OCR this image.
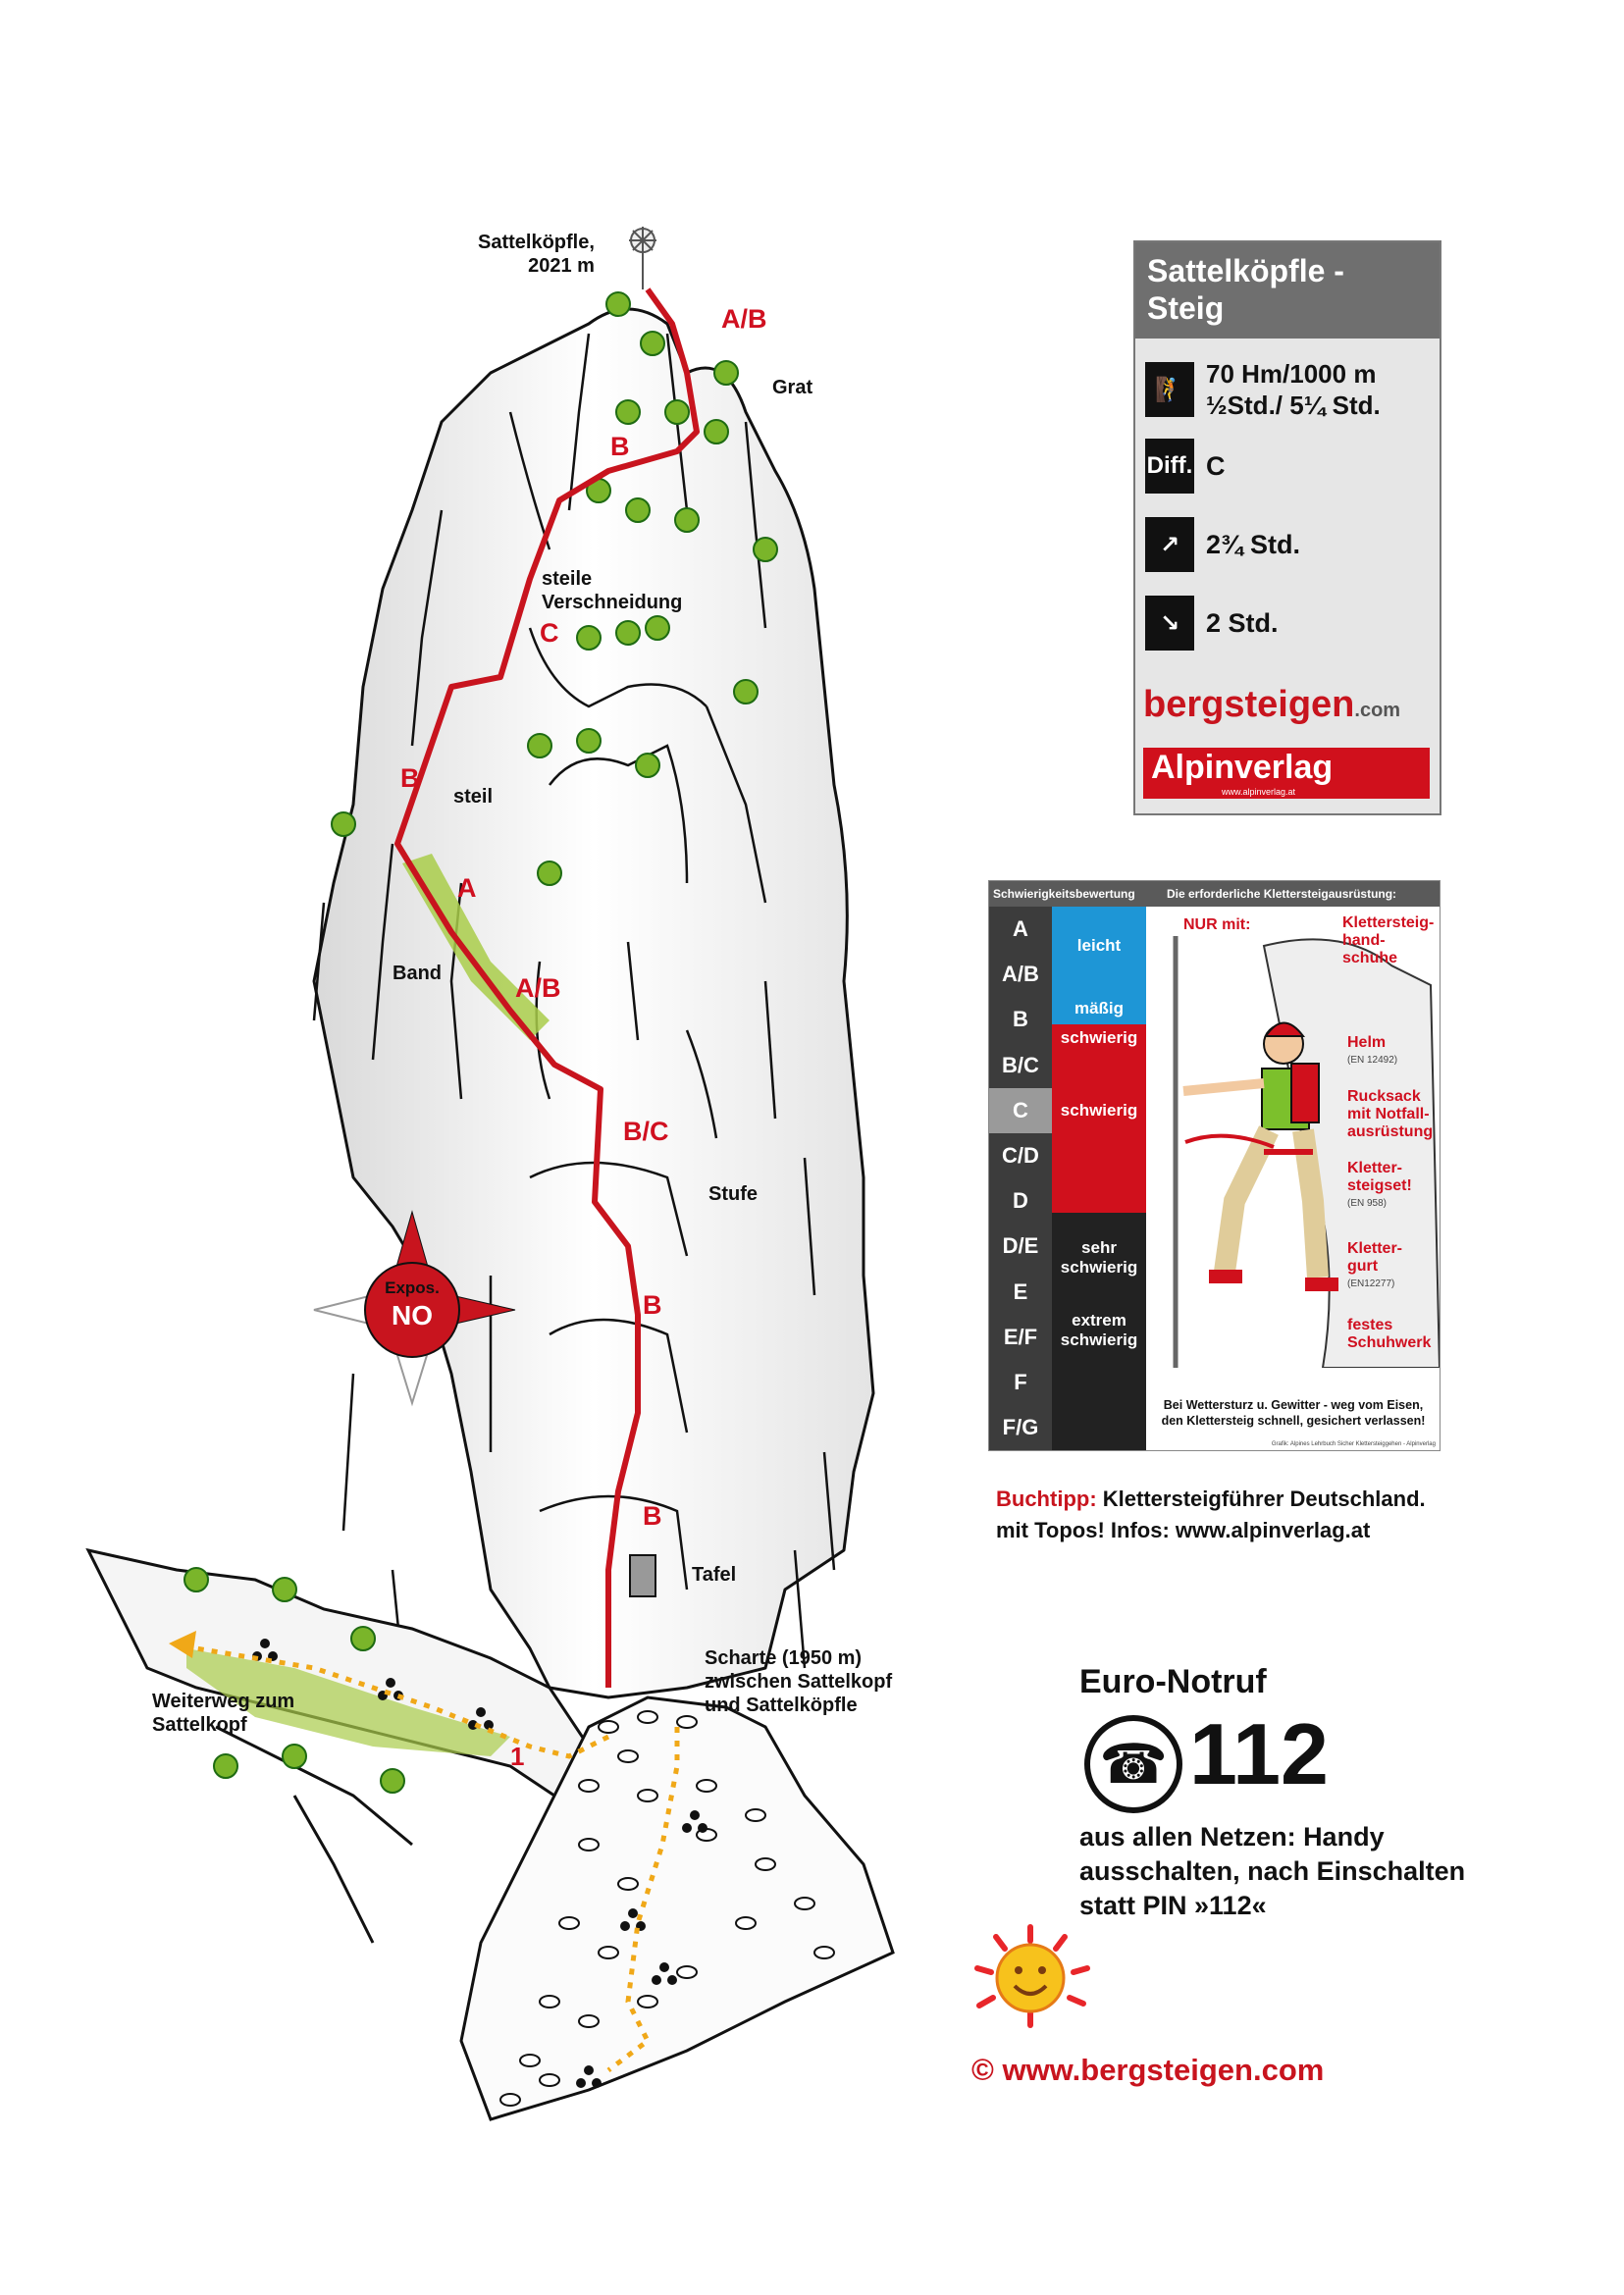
Sattelköpfle,
2021 m
Grat
steile
Verschneidung
steil
Band
Stufe
Tafel
Scharte (1950 m)
zwischen Sattelkopf
und Sattelköpfle
Weiterweg zum
Sattelkopf
1
A/B
B
C
B
A
A/B
B/C
B
B
Expos.
NO
Sattelköpfle -
Steig
🧗
70 Hm/1000 m
½Std./ 5¼ Std.
Diff. C
↗ 2¾ Std.
↘ 2 Std.
bergsteigen.com
Alpinverlag
www.alpinverlag.at
Schwierigkeitsbewertung	Die erforderliche Klettersteigausrüstung:
A
A/B
B
B/C
C
C/D
D
D/E
E
E/F
F
F/G
leicht
mäßig
schwierig
schwierig
sehr
schwierig
extrem
schwierig
NUR mit:	Klettersteig-
hand-
schuhe
Helm
(EN 12492)
Rucksack
mit Notfall-
ausrüstung
Kletter-
steigset!
(EN 958)
Kletter-
gurt
(EN12277)
festes
Schuhwerk
Bei Wettersturz u. Gewitter - weg vom Eisen,
den Klettersteig schnell, gesichert verlassen!
Grafik: Alpines Lehrbuch Sicher Klettersteiggehen - Alpinverlag
Buchtipp: Klettersteigführer Deutschland.
mit Topos! Infos: www.alpinverlag.at
Euro-Notruf
☎ 112
aus allen Netzen: Handy
ausschalten, nach Einschalten
statt PIN »112«
© www.bergsteigen.com
